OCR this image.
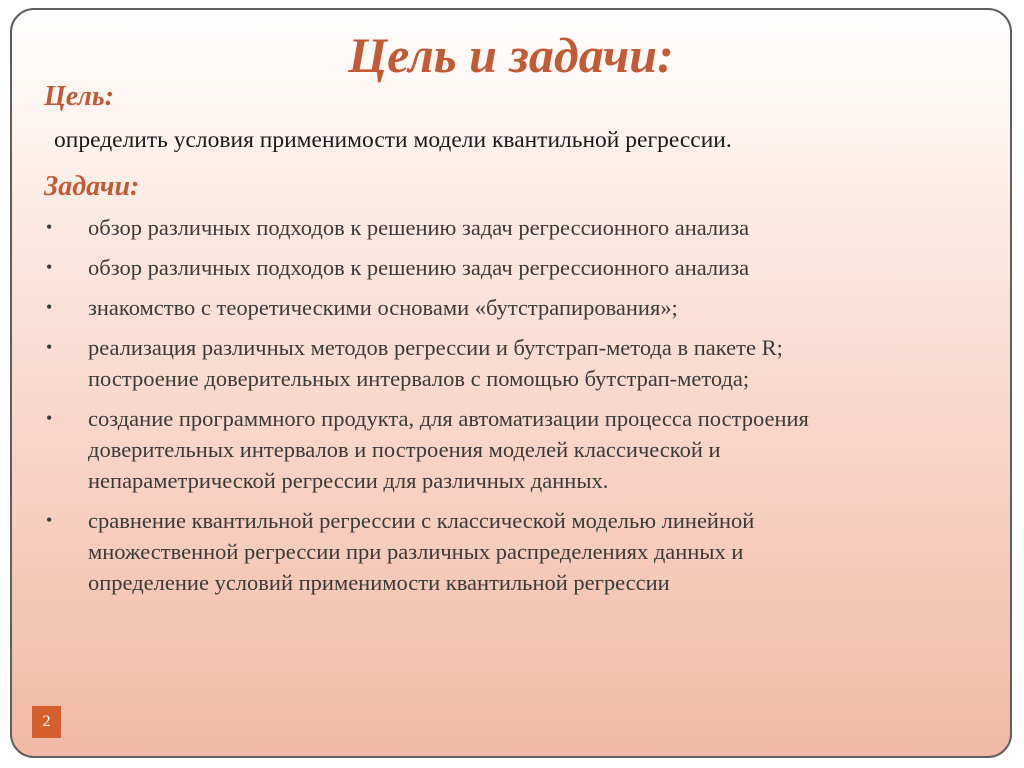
Цель и задачи:
Цель:

определить условия применимости модели квантильной регрессии.

Задачи:
• обзор различных подходов к решению задач регрессионного анализа
• обзор различных подходов к решению задач регрессионного анализа
• знакомство с теоретическими основами «бутстрапирования»;
• реализация различных методов регрессии и бутстрап-метода в пакете R;
построение доверительных интервалов с помощью бутстрап-метода;
• создание программного продукта, для автоматизации процесса построения
доверительных интервалов и построения моделей классической и
непараметрической регрессии для различных данных.
• сравнение квантильной регрессии с классической моделью линейной
множественной регрессии при различных распределениях данных и
определение условий применимости квантильной регрессии
2
